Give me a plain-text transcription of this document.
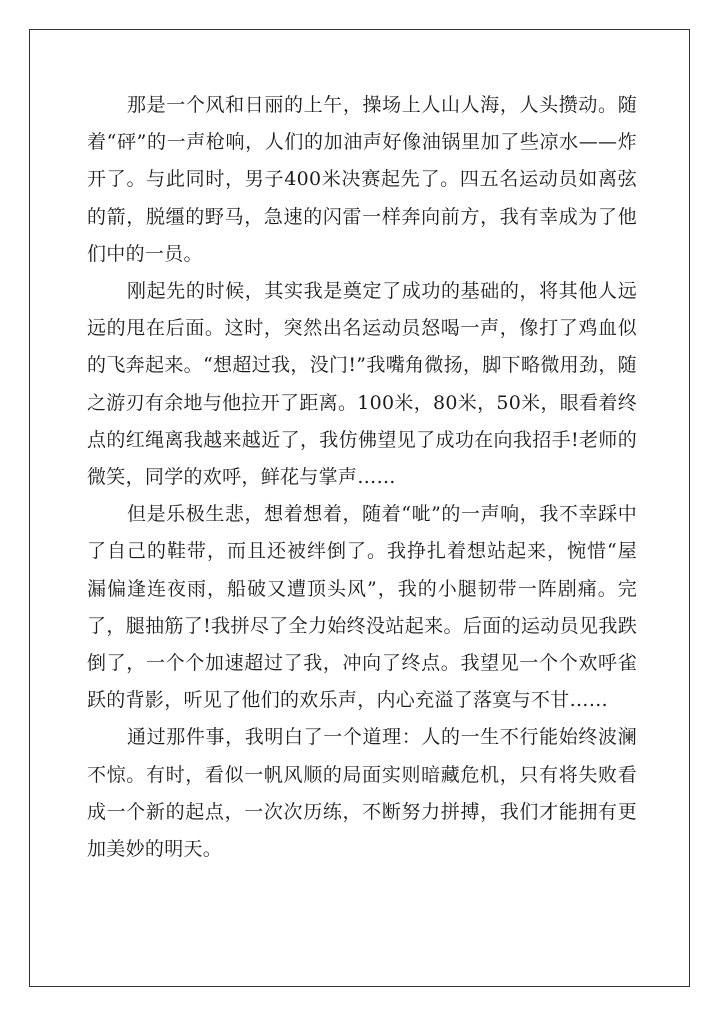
那是一个风和日丽的上午，操场上人山人海，人头攒动。随着“砰”的一声枪响，人们的加油声好像油锅里加了些凉水——炸开了。与此同时，男子400米决赛起先了。四五名运动员如离弦的箭，脱缰的野马，急速的闪雷一样奔向前方，我有幸成为了他们中的一员。

刚起先的时候，其实我是奠定了成功的基础的，将其他人远远的甩在后面。这时，突然出名运动员怒喝一声，像打了鸡血似的飞奔起来。“想超过我，没门!”我嘴角微扬，脚下略微用劲，随之游刃有余地与他拉开了距离。100米，80米，50米，眼看着终点的红绳离我越来越近了，我仿佛望见了成功在向我招手!老师的微笑，同学的欢呼，鲜花与掌声……

但是乐极生悲，想着想着，随着“呲”的一声响，我不幸踩中了自己的鞋带，而且还被绊倒了。我挣扎着想站起来，惋惜“屋漏偏逢连夜雨，船破又遭顶头风”，我的小腿韧带一阵剧痛。完了，腿抽筋了!我拼尽了全力始终没站起来。后面的运动员见我跌倒了，一个个加速超过了我，冲向了终点。我望见一个个欢呼雀跃的背影，听见了他们的欢乐声，内心充溢了落寞与不甘……

通过那件事，我明白了一个道理：人的一生不行能始终波澜不惊。有时，看似一帆风顺的局面实则暗藏危机，只有将失败看成一个新的起点，一次次历练，不断努力拼搏，我们才能拥有更加美妙的明天。
